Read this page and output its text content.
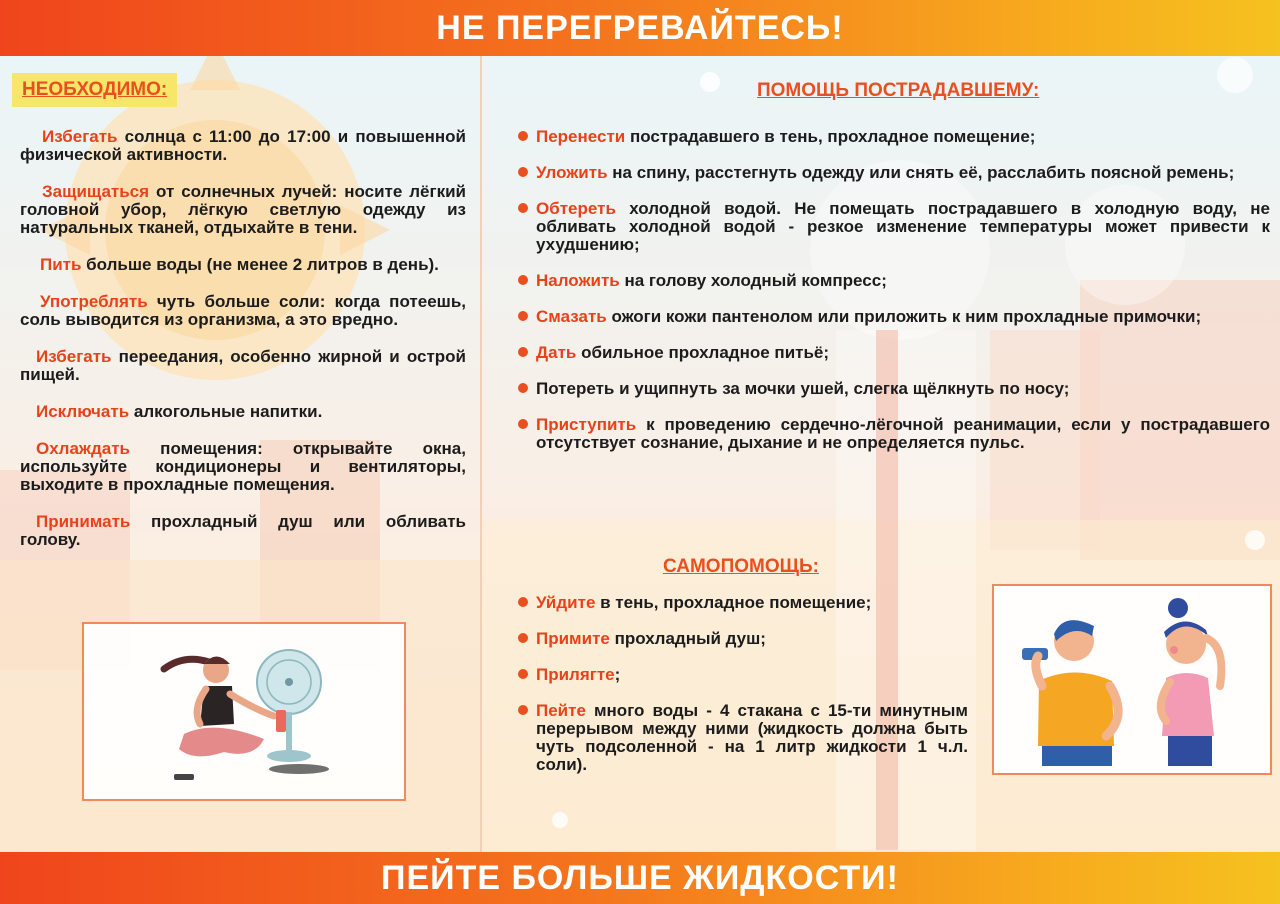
НЕ ПЕРЕГРЕВАЙТЕСЬ!
НЕОБХОДИМО:

Избегать солнца с 11:00 до 17:00 и повышенной физической активности.

Защищаться от солнечных лучей: носите лёгкий головной убор, лёгкую светлую одежду из натуральных тканей, отдыхайте в тени.

Пить больше воды (не менее 2 литров в день).

Употреблять чуть больше соли: когда потеешь, соль выводится из организма, а это вредно.

Избегать переедания, особенно жирной и острой пищей.

Исключать алкогольные напитки.

Охлаждать помещения: открывайте окна, используйте кондиционеры и вентиляторы, выходите в прохладные помещения.

Принимать прохладный душ или обливать голову.

ПОМОЩЬ ПОСТРАДАВШЕМУ:
Перенести пострадавшего в тень, прохладное помещение;
Уложить на спину, расстегнуть одежду или снять её, расслабить поясной ремень;
Обтереть холодной водой. Не помещать пострадавшего в холодную воду, не обливать холодной водой - резкое изменение температуры может привести к ухудшению;
Наложить на голову холодный компресс;
Смазать ожоги кожи пантенолом или приложить к ним прохладные примочки;
Дать обильное прохладное питьё;
Потереть и ущипнуть за мочки ушей, слегка щёлкнуть по носу;
Приступить к проведению сердечно-лёгочной реанимации, если у пострадавшего отсутствует сознание, дыхание и не определяется пульс.
САМОПОМОЩЬ:
Уйдите в тень, прохладное помещение;
Примите прохладный душ;
Прилягте;
Пейте много воды - 4 стакана с 15-ти минутным перерывом между ними (жидкость должна быть чуть подсоленной - на 1 литр жидкости 1 ч.л. соли).
ПЕЙТЕ БОЛЬШЕ ЖИДКОСТИ!
